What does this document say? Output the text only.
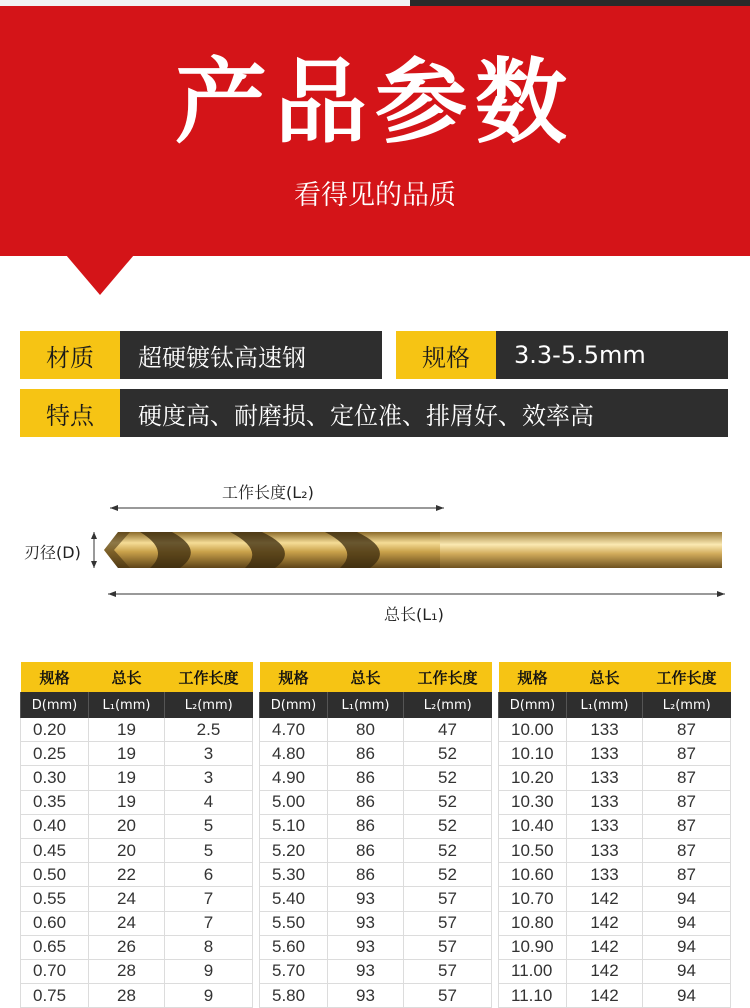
产品参数
看得见的品质
材质	超硬镀钛高速钢	规格	3.3-5.5mm
特点	硬度高、耐磨损、定位准、排屑好、效率高
工作长度(L₂)
刃径(D)
总长(L₁)
规格	总长	工作长度
D(mm)	L₁(mm)	L₂(mm)
0.20	19	2.5
0.25	19	3
0.30	19	3
0.35	19	4
0.40	20	5
0.45	20	5
0.50	22	6
0.55	24	7
0.60	24	7
0.65	26	8
0.70	28	9
0.75	28	9
规格	总长	工作长度
D(mm)	L₁(mm)	L₂(mm)
4.70	80	47
4.80	86	52
4.90	86	52
5.00	86	52
5.10	86	52
5.20	86	52
5.30	86	52
5.40	93	57
5.50	93	57
5.60	93	57
5.70	93	57
5.80	93	57
规格	总长	工作长度
D(mm)	L₁(mm)	L₂(mm)
10.00	133	87
10.10	133	87
10.20	133	87
10.30	133	87
10.40	133	87
10.50	133	87
10.60	133	87
10.70	142	94
10.80	142	94
10.90	142	94
11.00	142	94
11.10	142	94
